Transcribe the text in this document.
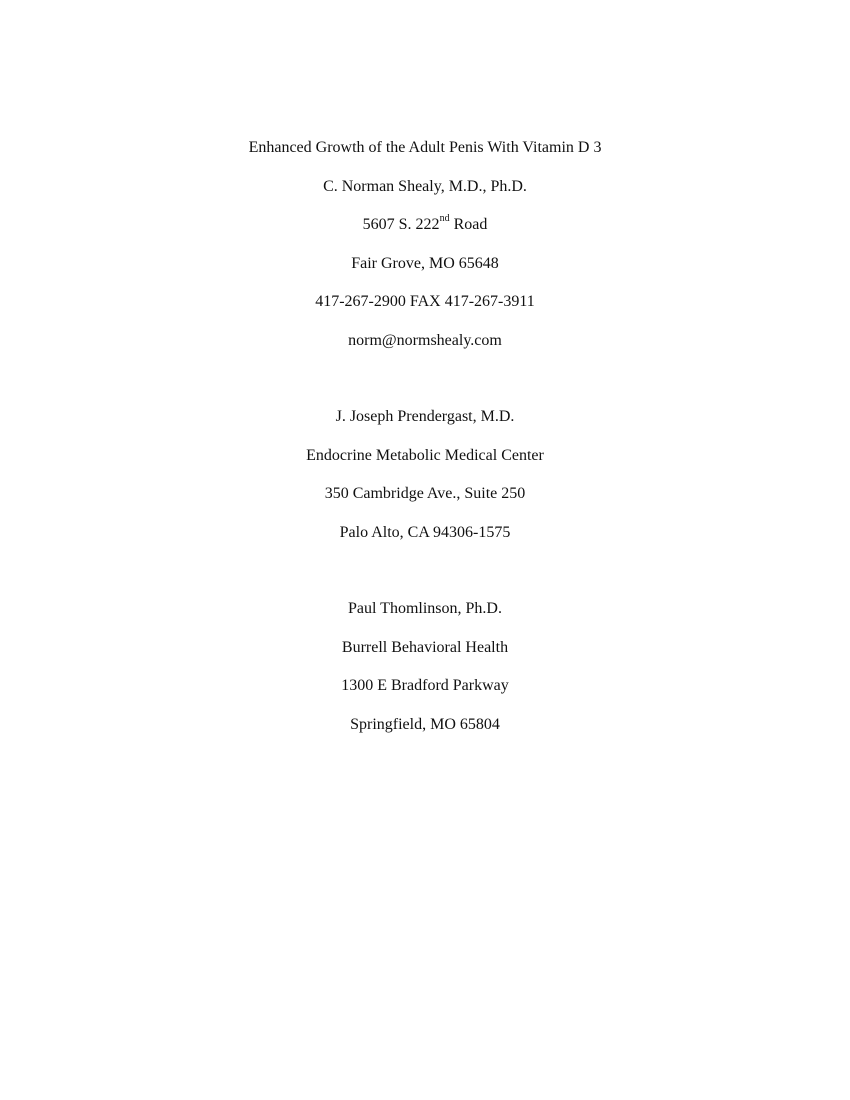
Enhanced Growth of the Adult Penis With Vitamin D 3
C. Norman Shealy, M.D., Ph.D.
5607 S. 222nd Road
Fair Grove, MO 65648
417-267-2900 FAX 417-267-3911
norm@normshealy.com
J. Joseph Prendergast, M.D.
Endocrine Metabolic Medical Center
350 Cambridge Ave., Suite 250
Palo Alto, CA 94306-1575
Paul Thomlinson, Ph.D.
Burrell Behavioral Health
1300 E Bradford Parkway
Springfield, MO 65804
